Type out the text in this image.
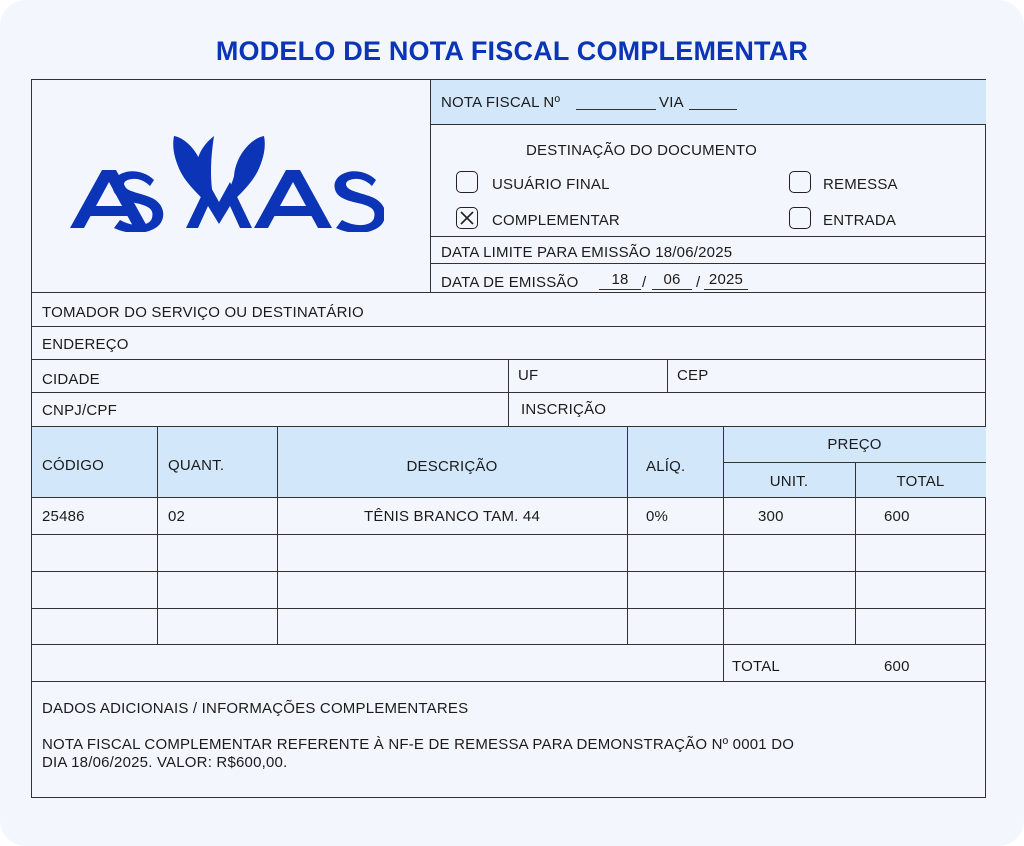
MODELO DE NOTA FISCAL COMPLEMENTAR
NOTA FISCAL Nº	VIA
DESTINAÇÃO DO DOCUMENTO
USUÁRIO FINAL	REMESSA
COMPLEMENTAR	ENTRADA
DATA LIMITE PARA EMISSÃO 18/06/2025
DATA DE EMISSÃO	18 /	06	/ 2025
TOMADOR DO SERVIÇO OU DESTINATÁRIO
ENDEREÇO
CIDADE	UF	CEP
CNPJ/CPF	INSCRIÇÃO
CÓDIGO	QUANT.	DESCRIÇÃO	ALÍQ.
PREÇO
UNIT.	TOTAL
25486	02	TÊNIS BRANCO TAM. 44	0%	300	600
TOTAL	600
DADOS ADICIONAIS / INFORMAÇÕES COMPLEMENTARES
NOTA FISCAL COMPLEMENTAR REFERENTE À NF-E DE REMESSA PARA DEMONSTRAÇÃO Nº 0001 DO
DIA 18/06/2025. VALOR: R$600,00.
